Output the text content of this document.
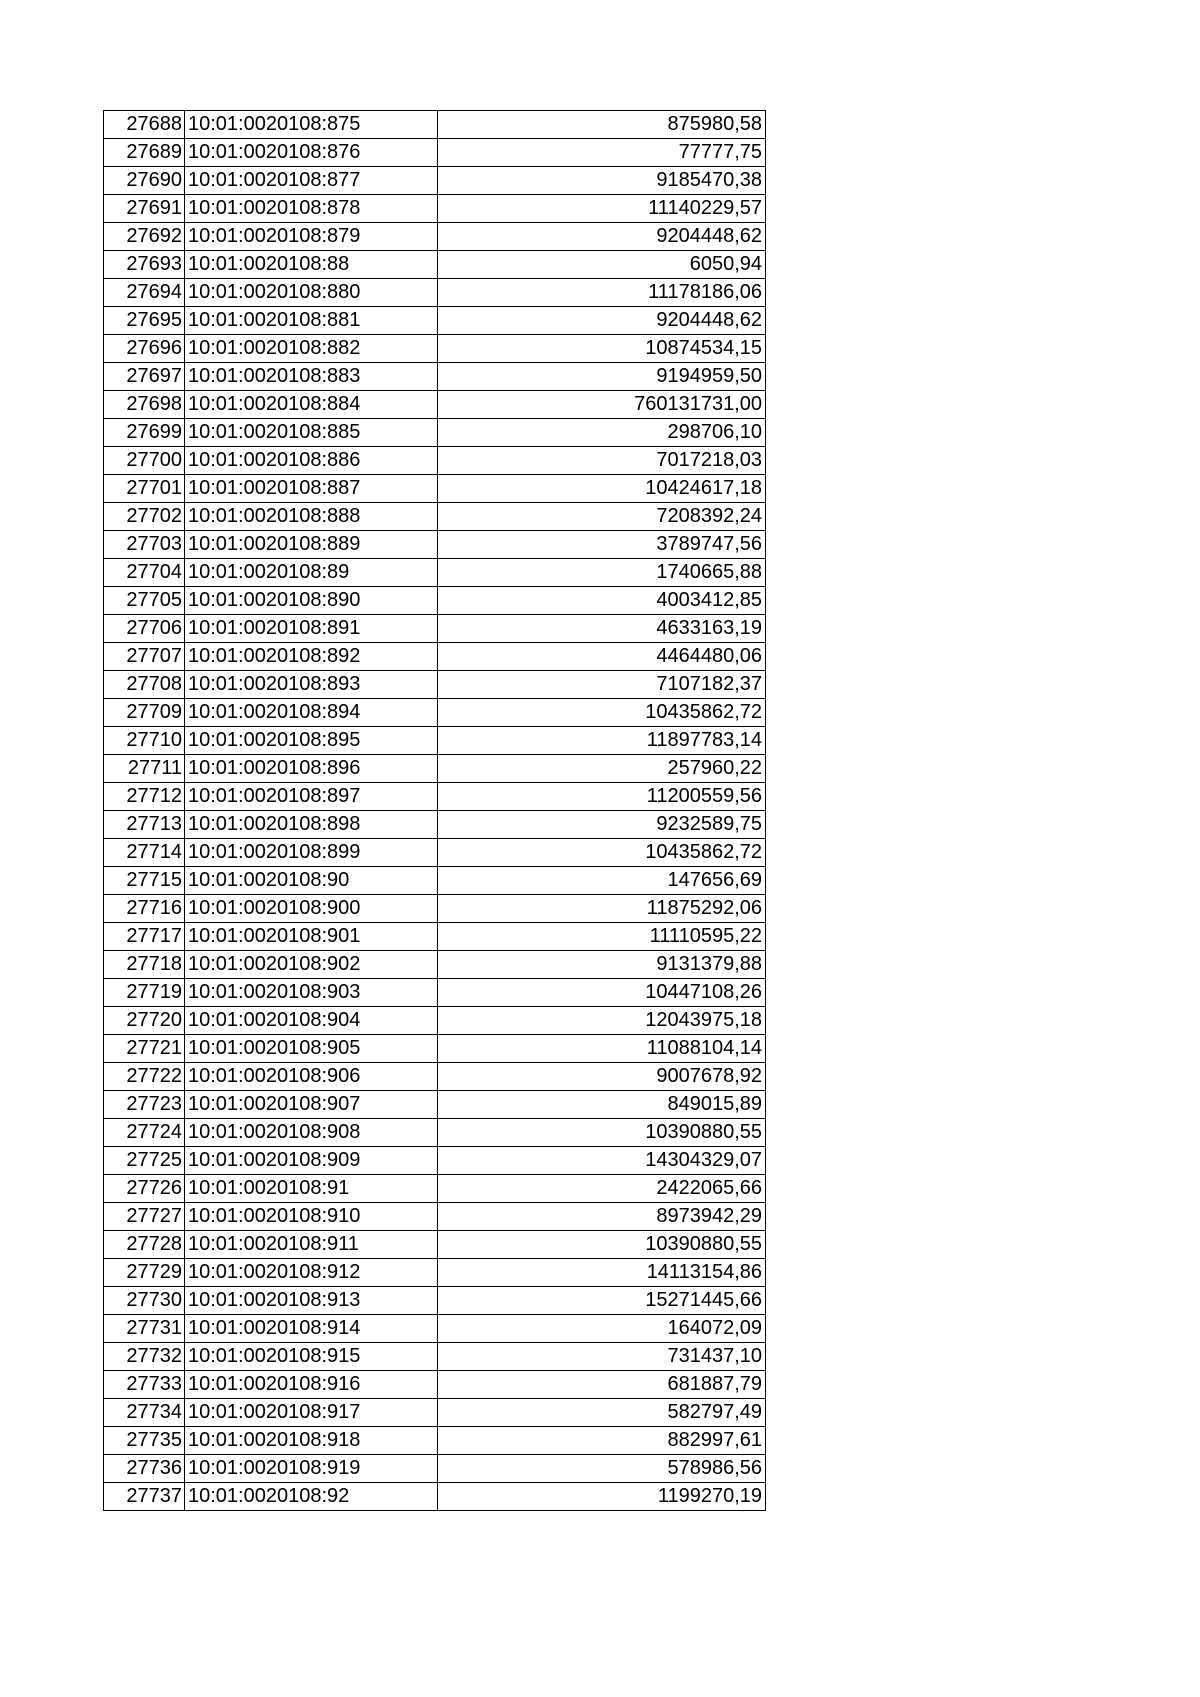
27688	10:01:0020108:875	875980,58
27689	10:01:0020108:876	77777,75
27690	10:01:0020108:877	9185470,38
27691	10:01:0020108:878	11140229,57
27692	10:01:0020108:879	9204448,62
27693	10:01:0020108:88	6050,94
27694	10:01:0020108:880	11178186,06
27695	10:01:0020108:881	9204448,62
27696	10:01:0020108:882	10874534,15
27697	10:01:0020108:883	9194959,50
27698	10:01:0020108:884	760131731,00
27699	10:01:0020108:885	298706,10
27700	10:01:0020108:886	7017218,03
27701	10:01:0020108:887	10424617,18
27702	10:01:0020108:888	7208392,24
27703	10:01:0020108:889	3789747,56
27704	10:01:0020108:89	1740665,88
27705	10:01:0020108:890	4003412,85
27706	10:01:0020108:891	4633163,19
27707	10:01:0020108:892	4464480,06
27708	10:01:0020108:893	7107182,37
27709	10:01:0020108:894	10435862,72
27710	10:01:0020108:895	11897783,14
27711	10:01:0020108:896	257960,22
27712	10:01:0020108:897	11200559,56
27713	10:01:0020108:898	9232589,75
27714	10:01:0020108:899	10435862,72
27715	10:01:0020108:90	147656,69
27716	10:01:0020108:900	11875292,06
27717	10:01:0020108:901	11110595,22
27718	10:01:0020108:902	9131379,88
27719	10:01:0020108:903	10447108,26
27720	10:01:0020108:904	12043975,18
27721	10:01:0020108:905	11088104,14
27722	10:01:0020108:906	9007678,92
27723	10:01:0020108:907	849015,89
27724	10:01:0020108:908	10390880,55
27725	10:01:0020108:909	14304329,07
27726	10:01:0020108:91	2422065,66
27727	10:01:0020108:910	8973942,29
27728	10:01:0020108:911	10390880,55
27729	10:01:0020108:912	14113154,86
27730	10:01:0020108:913	15271445,66
27731	10:01:0020108:914	164072,09
27732	10:01:0020108:915	731437,10
27733	10:01:0020108:916	681887,79
27734	10:01:0020108:917	582797,49
27735	10:01:0020108:918	882997,61
27736	10:01:0020108:919	578986,56
27737	10:01:0020108:92	1199270,19
